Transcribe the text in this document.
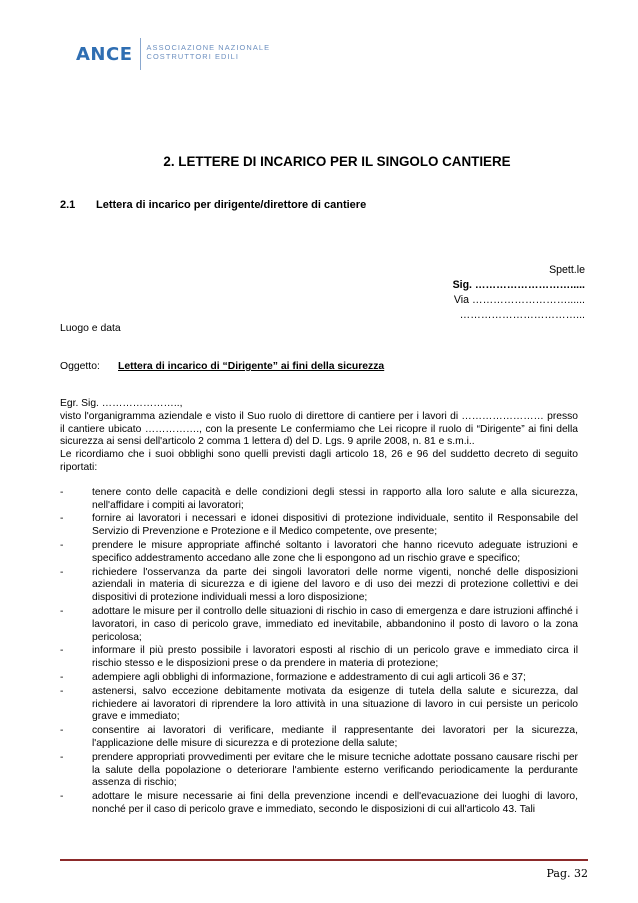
ANCE ASSOCIAZIONE NAZIONALE
COSTRUTTORI EDILI
2. LETTERE DI INCARICO PER IL SINGOLO CANTIERE
2.1 Lettera di incarico per dirigente/direttore di cantiere
Spett.le
Sig. ……………………….....
Via ………………………......
……………………………...
Luogo e data
Oggetto: Lettera di incarico di “Dirigente” ai fini della sicurezza

Egr. Sig. …………………..,

visto l'organigramma aziendale e visto il Suo ruolo di direttore di cantiere per i lavori di …………………… presso il cantiere ubicato ……………., con la presente Le confermiamo che Lei ricopre il ruolo di “Dirigente” ai fini della sicurezza ai sensi dell'articolo 2 comma 1 lettera d) del D. Lgs. 9 aprile 2008, n. 81 e s.m.i..

Le ricordiamo che i suoi obblighi sono quelli previsti dagli articolo 18, 26 e 96 del suddetto decreto di seguito riportati:

- tenere conto delle capacità e delle condizioni degli stessi in rapporto alla loro salute e alla sicurezza, nell'affidare i compiti ai lavoratori;
- fornire ai lavoratori i necessari e idonei dispositivi di protezione individuale, sentito il Responsabile del Servizio di Prevenzione e Protezione e il Medico competente, ove presente;
- prendere le misure appropriate affinché soltanto i lavoratori che hanno ricevuto adeguate istruzioni e specifico addestramento accedano alle zone che li espongono ad un rischio grave e specifico;
- richiedere l'osservanza da parte dei singoli lavoratori delle norme vigenti, nonché delle disposizioni aziendali in materia di sicurezza e di igiene del lavoro e di uso dei mezzi di protezione collettivi e dei dispositivi di protezione individuali messi a loro disposizione;
- adottare le misure per il controllo delle situazioni di rischio in caso di emergenza e dare istruzioni affinché i lavoratori, in caso di pericolo grave, immediato ed inevitabile, abbandonino il posto di lavoro o la zona pericolosa;
- informare il più presto possibile i lavoratori esposti al rischio di un pericolo grave e immediato circa il rischio stesso e le disposizioni prese o da prendere in materia di protezione;
- adempiere agli obblighi di informazione, formazione e addestramento di cui agli articoli 36 e 37;
- astenersi, salvo eccezione debitamente motivata da esigenze di tutela della salute e sicurezza, dal richiedere ai lavoratori di riprendere la loro attività in una situazione di lavoro in cui persiste un pericolo grave e immediato;
- consentire ai lavoratori di verificare, mediante il rappresentante dei lavoratori per la sicurezza, l'applicazione delle misure di sicurezza e di protezione della salute;
- prendere appropriati provvedimenti per evitare che le misure tecniche adottate possano causare rischi per la salute della popolazione o deteriorare l'ambiente esterno verificando periodicamente la perdurante assenza di rischio;
- adottare le misure necessarie ai fini della prevenzione incendi e dell'evacuazione dei luoghi di lavoro, nonché per il caso di pericolo grave e immediato, secondo le disposizioni di cui all'articolo 43. Tali
Pag. 32
